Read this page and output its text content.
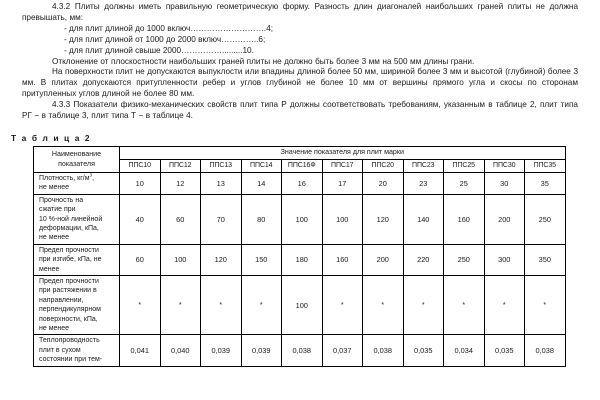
4.3.2 Плиты должны иметь правильную геометрическую форму. Разность длин диагоналей наибольших граней плиты не должна превышать, мм:

- для плит длиной до 1000 включ……………………….4;
- для плит длиной от 1000 до 2000 включ…………..6;
- для плит длиной свыше 2000…………….........10.

Отклонение от плоскостности наибольших граней плиты не должно быть более 3 мм на 500 мм длины грани.

На поверхности плит не допускаются выпуклости или впадины длиной более 50 мм, шириной более 3 мм и высотой (глубиной) более 3 мм. В плитах допускаются притупленности ребер и углов глубиной не более 10 мм от вершины прямого угла и скосы по сторонам притупленных углов длиной не более 80 мм.

4.3.3 Показатели физико-механических свойств плит типа Р должны соответствовать требованиям, указанным в таблице 2, плит типа РГ − в таблице 3, плит типа Т − в таблице 4.

Т а б л и ц а 2
Наименование
показателя	Значение показателя для плит марки										
	ППС10	ППС12	ППС13	ППС14	ППС16Ф	ППС17	ППС20	ППС23	ППС25	ППС30	ППС35

Плотность, $кг/м^3$,
не менее	10	12	13	14	16	17	20	23	25	30	35

Прочность на
сжатие при
10 %-ной линейной
деформации, кПа,
не менее	40	60	70	80	100	100	120	140	160	200	250

Предел прочности
при изгибе, кПа, не
менее	60	100	120	150	180	160	200	220	250	300	350

Предел прочности
при растяжении в
направлении,
перпендикулярном
поверхности, кПа,
не менее
	*	*	*	*	100	*	*	*	*	*	*

Теплопроводность
плит в сухом
состоянии при тем-	0,041	0,040	0,039	0,039	0,038	0,037	0,038	0,035	0,034	0,035	0,038
